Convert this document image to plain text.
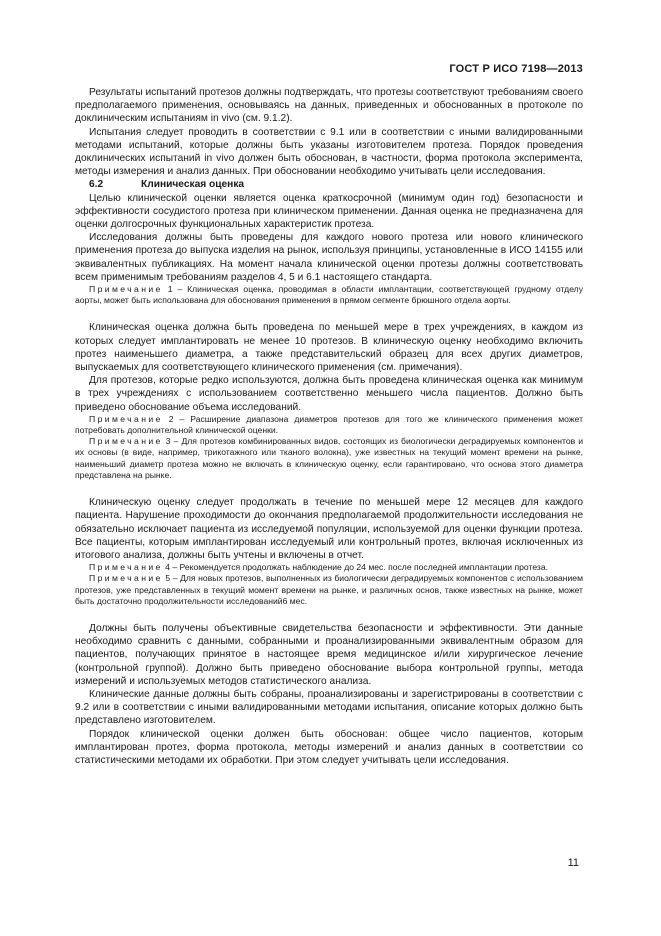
ГОСТ Р ИСО 7198—2013

Результаты испытаний протезов должны подтверждать, что протезы соответствуют требованиям своего предполагаемого применения, основываясь на данных, приведенных и обоснованных в протоколе по доклиническим испытаниям in vivo (см. 9.1.2).

Испытания следует проводить в соответствии с 9.1 или в соответствии с иными валидированными методами испытаний, которые должны быть указаны изготовителем протеза. Порядок проведения доклинических испытаний in vivo должен быть обоснован, в частности, форма протокола эксперимента, методы измерения и анализ данных. При обосновании необходимо учитывать цели исследования.

6.2	Клиническая оценка

Целью клинической оценки является оценка краткосрочной (минимум один год) безопасности и эффективности сосудистого протеза при клиническом применении. Данная оценка не предназначена для оценки долгосрочных функциональных характеристик протеза.

Исследования должны быть проведены для каждого нового протеза или нового клинического применения протеза до выпуска изделия на рынок, используя принципы, установленные в ИСО 14155 или эквивалентных публикациях. На момент начала клинической оценки протезы должны соответствовать всем применимым требованиям разделов 4, 5 и 6.1 настоящего стандарта.

Примечание 1 – Клиническая оценка, проводимая в области имплантации, соответствующей грудному отделу аорты, может быть использована для обоснования применения в прямом сегменте брюшного отдела аорты.

Клиническая оценка должна быть проведена по меньшей мере в трех учреждениях, в каждом из которых следует имплантировать не менее 10 протезов. В клиническую оценку необходимо включить протез наименьшего диаметра, а также представительский образец для всех других диаметров, выпускаемых для соответствующего клинического применения (см. примечания).

Для протезов, которые редко используются, должна быть проведена клиническая оценка как минимум в трех учреждениях с использованием соответственно меньшего числа пациентов. Должно быть приведено обоснование объема исследований.

Примечание 2 – Расширение диапазона диаметров протезов для того же клинического применения может потребовать дополнительной клинической оценки.

Примечание 3 – Для протезов комбинированных видов, состоящих из биологически деградируемых компонентов и их основы (в виде, например, трикотажного или тканого волокна), уже известных на текущий момент времени на рынке, наименьший диаметр протеза можно не включать в клиническую оценку, если гарантировано, что основа этого диаметра представлена на рынке.

Клиническую оценку следует продолжать в течение по меньшей мере 12 месяцев для каждого пациента. Нарушение проходимости до окончания предполагаемой продолжительности исследования не обязательно исключает пациента из исследуемой популяции, используемой для оценки функции протеза. Все пациенты, которым имплантирован исследуемый или контрольный протез, включая исключенных из итогового анализа, должны быть учтены и включены в отчет.

Примечание 4 – Рекомендуется продолжать наблюдение до 24 мес. после последней имплантации протеза.

Примечание 5 – Для новых протезов, выполненных из биологически деградируемых компонентов с использованием протезов, уже представленных в текущий момент времени на рынке, и различных основ, также известных на рынке, может быть достаточно продолжительности исследований6 мес.

Должны быть получены объективные свидетельства безопасности и эффективности. Эти данные необходимо сравнить с данными, собранными и проанализированными эквивалентным образом для пациентов, получающих принятое в настоящее время медицинское и/или хирургическое лечение (контрольной группой). Должно быть приведено обоснование выбора контрольной группы, метода измерений и используемых методов статистического анализа.

Клинические данные должны быть собраны, проанализированы и зарегистрированы в соответствии с 9.2 или в соответствии с иными валидированными методами испытания, описание которых должно быть представлено изготовителем.

Порядок клинической оценки должен быть обоснован: общее число пациентов, которым имплантирован протез, форма протокола, методы измерений и анализ данных в соответствии со статистическими методами их обработки. При этом следует учитывать цели исследования.

11
